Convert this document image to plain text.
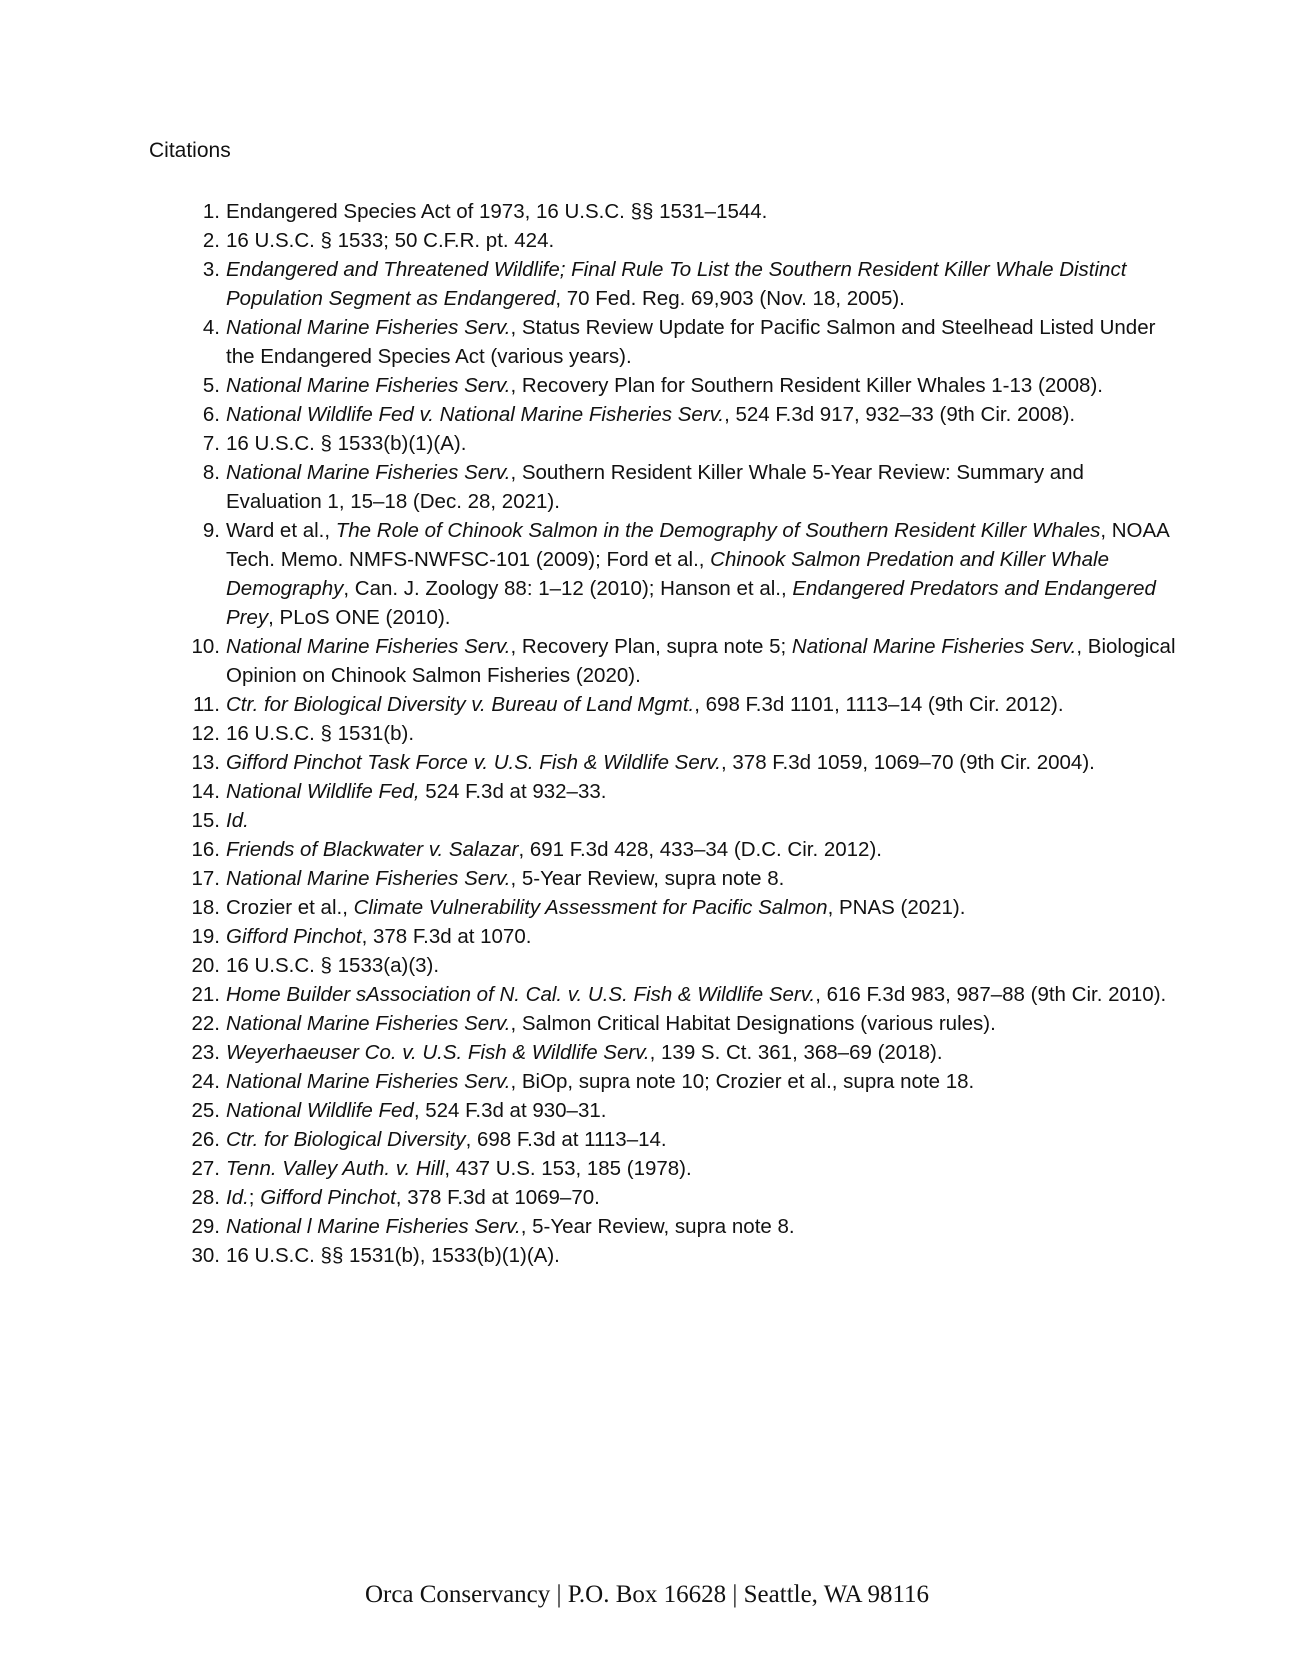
Citations
1 . Endangered Species Act of 1973, 16 U.S.C. §§ 1531–1544.
2 . 16 U.S.C. § 1533; 50 C.F.R. pt. 424.
3 . Endangered and Threatened Wildlife; Final Rule To List the Southern Resident Killer Whale Distinct Population Segment as Endangered, 70 Fed. Reg. 69,903 (Nov. 18, 2005).
4 . National Marine Fisheries Serv., Status Review Update for Pacific Salmon and Steelhead Listed Under the Endangered Species Act (various years).
5 . National Marine Fisheries Serv., Recovery Plan for Southern Resident Killer Whales 1-13 (2008).
6 . National Wildlife Fed v. National Marine Fisheries Serv., 524 F.3d 917, 932–33 (9th Cir. 2008).
7 . 16 U.S.C. § 1533(b)(1)(A).
8 . National Marine Fisheries Serv., Southern Resident Killer Whale 5-Year Review: Summary and Evaluation 1, 15–18 (Dec. 28, 2021).
9 . Ward et al., The Role of Chinook Salmon in the Demography of Southern Resident Killer Whales, NOAA Tech. Memo. NMFS-NWFSC-101 (2009); Ford et al., Chinook Salmon Predation and Killer Whale Demography, Can. J. Zoology 88: 1–12 (2010); Hanson et al., Endangered Predators and Endangered Prey, PLoS ONE (2010).
10 . National Marine Fisheries Serv., Recovery Plan, supra note 5; National Marine Fisheries Serv., Biological Opinion on Chinook Salmon Fisheries (2020).
11 . Ctr. for Biological Diversity v. Bureau of Land Mgmt., 698 F.3d 1101, 1113–14 (9th Cir. 2012).
12 . 16 U.S.C. § 1531(b).
13 . Gifford Pinchot Task Force v. U.S. Fish & Wildlife Serv., 378 F.3d 1059, 1069–70 (9th Cir. 2004).
14 . National Wildlife Fed, 524 F.3d at 932–33.
15 . Id.
16 . Friends of Blackwater v. Salazar, 691 F.3d 428, 433–34 (D.C. Cir. 2012).
17 . National Marine Fisheries Serv., 5-Year Review, supra note 8.
18 . Crozier et al., Climate Vulnerability Assessment for Pacific Salmon, PNAS (2021).
19 . Gifford Pinchot, 378 F.3d at 1070.
20 . 16 U.S.C. § 1533(a)(3).
21 . Home Builder sAssociation of N. Cal. v. U.S. Fish & Wildlife Serv., 616 F.3d 983, 987–88 (9th Cir. 2010).
22 . National Marine Fisheries Serv., Salmon Critical Habitat Designations (various rules).
23 . Weyerhaeuser Co. v. U.S. Fish & Wildlife Serv., 139 S. Ct. 361, 368–69 (2018).
24 . National Marine Fisheries Serv., BiOp, supra note 10; Crozier et al., supra note 18.
25 . National Wildlife Fed, 524 F.3d at 930–31.
26 . Ctr. for Biological Diversity, 698 F.3d at 1113–14.
27 . Tenn. Valley Auth. v. Hill, 437 U.S. 153, 185 (1978).
28 . Id.; Gifford Pinchot, 378 F.3d at 1069–70.
29 . National l Marine Fisheries Serv., 5-Year Review, supra note 8.
30 . 16 U.S.C. §§ 1531(b), 1533(b)(1)(A).
Orca Conservancy | P.O. Box 16628 | Seattle, WA 98116
